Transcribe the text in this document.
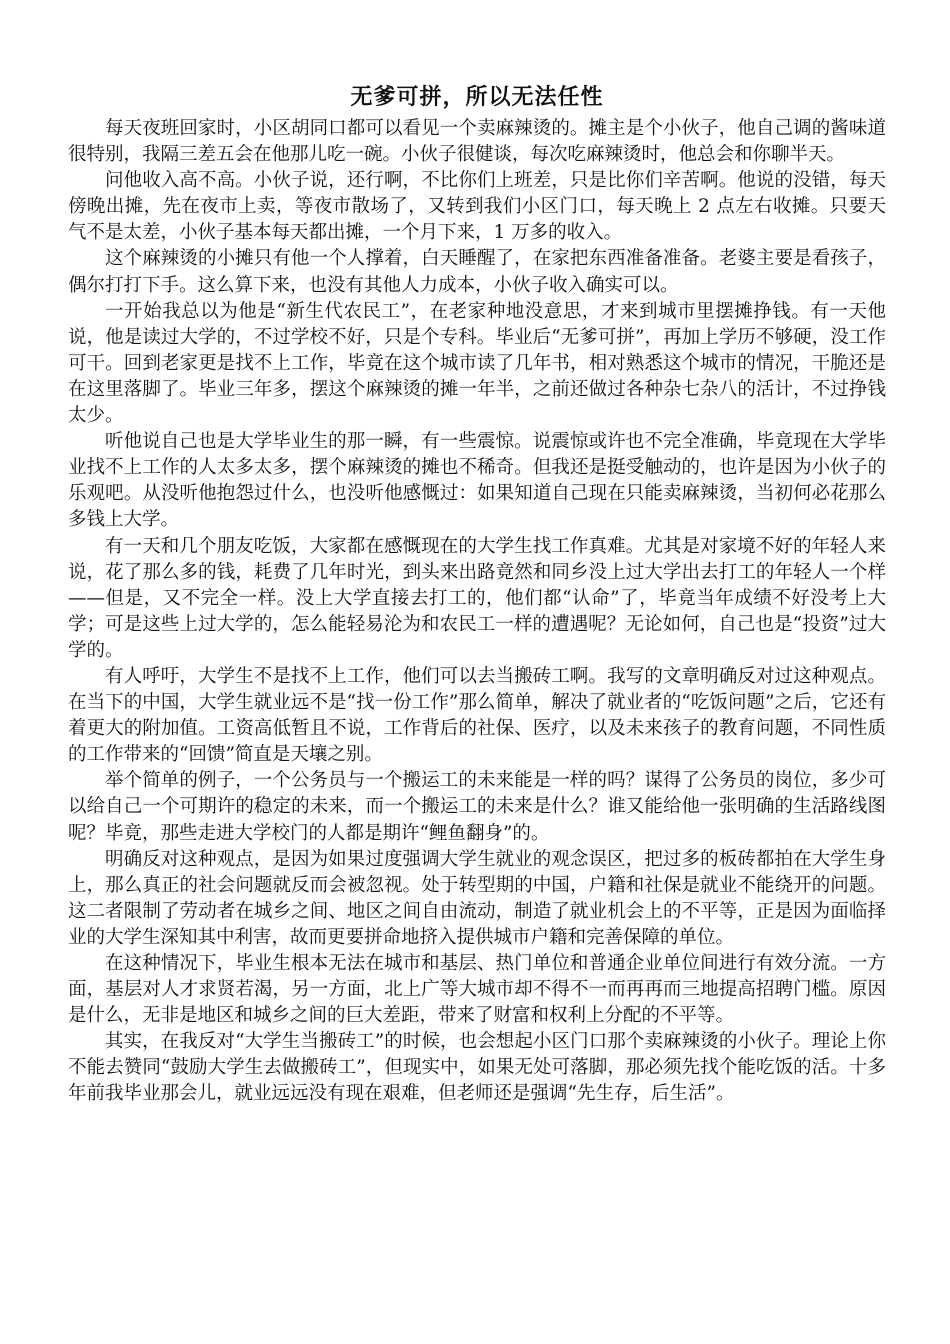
无爹可拼，所以无法任性

每天夜班回家时，小区胡同口都可以看见一个卖麻辣烫的。摊主是个小伙子，他自己调的酱味道很特别，我隔三差五会在他那儿吃一碗。小伙子很健谈，每次吃麻辣烫时，他总会和你聊半天。

问他收入高不高。小伙子说，还行啊，不比你们上班差，只是比你们辛苦啊。他说的没错，每天傍晚出摊，先在夜市上卖，等夜市散场了，又转到我们小区门口，每天晚上 2 点左右收摊。只要天气不是太差，小伙子基本每天都出摊，一个月下来，1 万多的收入。

这个麻辣烫的小摊只有他一个人撑着，白天睡醒了，在家把东西准备准备。老婆主要是看孩子，偶尔打打下手。这么算下来，也没有其他人力成本，小伙子收入确实可以。

一开始我总以为他是“新生代农民工”，在老家种地没意思，才来到城市里摆摊挣钱。有一天他说，他是读过大学的，不过学校不好，只是个专科。毕业后“无爹可拼”，再加上学历不够硬，没工作可干。回到老家更是找不上工作，毕竟在这个城市读了几年书，相对熟悉这个城市的情况，干脆还是在这里落脚了。毕业三年多，摆这个麻辣烫的摊一年半，之前还做过各种杂七杂八的活计，不过挣钱太少。

听他说自己也是大学毕业生的那一瞬，有一些震惊。说震惊或许也不完全准确，毕竟现在大学毕业找不上工作的人太多太多，摆个麻辣烫的摊也不稀奇。但我还是挺受触动的，也许是因为小伙子的乐观吧。从没听他抱怨过什么，也没听他感慨过：如果知道自己现在只能卖麻辣烫，当初何必花那么多钱上大学。

有一天和几个朋友吃饭，大家都在感慨现在的大学生找工作真难。尤其是对家境不好的年轻人来说，花了那么多的钱，耗费了几年时光，到头来出路竟然和同乡没上过大学出去打工的年轻人一个样——但是，又不完全一样。没上大学直接去打工的，他们都“认命”了，毕竟当年成绩不好没考上大学；可是这些上过大学的，怎么能轻易沦为和农民工一样的遭遇呢？无论如何，自己也是“投资”过大学的。

有人呼吁，大学生不是找不上工作，他们可以去当搬砖工啊。我写的文章明确反对过这种观点。在当下的中国，大学生就业远不是“找一份工作”那么简单，解决了就业者的“吃饭问题”之后，它还有着更大的附加值。工资高低暂且不说，工作背后的社保、医疗，以及未来孩子的教育问题，不同性质的工作带来的“回馈”简直是天壤之别。

举个简单的例子，一个公务员与一个搬运工的未来能是一样的吗？谋得了公务员的岗位，多少可以给自己一个可期许的稳定的未来，而一个搬运工的未来是什么？谁又能给他一张明确的生活路线图呢？毕竟，那些走进大学校门的人都是期许“鲤鱼翻身”的。

明确反对这种观点，是因为如果过度强调大学生就业的观念误区，把过多的板砖都拍在大学生身上，那么真正的社会问题就反而会被忽视。处于转型期的中国，户籍和社保是就业不能绕开的问题。这二者限制了劳动者在城乡之间、地区之间自由流动，制造了就业机会上的不平等，正是因为面临择业的大学生深知其中利害，故而更要拼命地挤入提供城市户籍和完善保障的单位。

在这种情况下，毕业生根本无法在城市和基层、热门单位和普通企业单位间进行有效分流。一方面，基层对人才求贤若渴，另一方面，北上广等大城市却不得不一而再再而三地提高招聘门槛。原因是什么，无非是地区和城乡之间的巨大差距，带来了财富和权利上分配的不平等。

其实，在我反对“大学生当搬砖工”的时候，也会想起小区门口那个卖麻辣烫的小伙子。理论上你不能去赞同“鼓励大学生去做搬砖工”，但现实中，如果无处可落脚，那必须先找个能吃饭的活。十多年前我毕业那会儿，就业远远没有现在艰难，但老师还是强调“先生存，后生活”。
